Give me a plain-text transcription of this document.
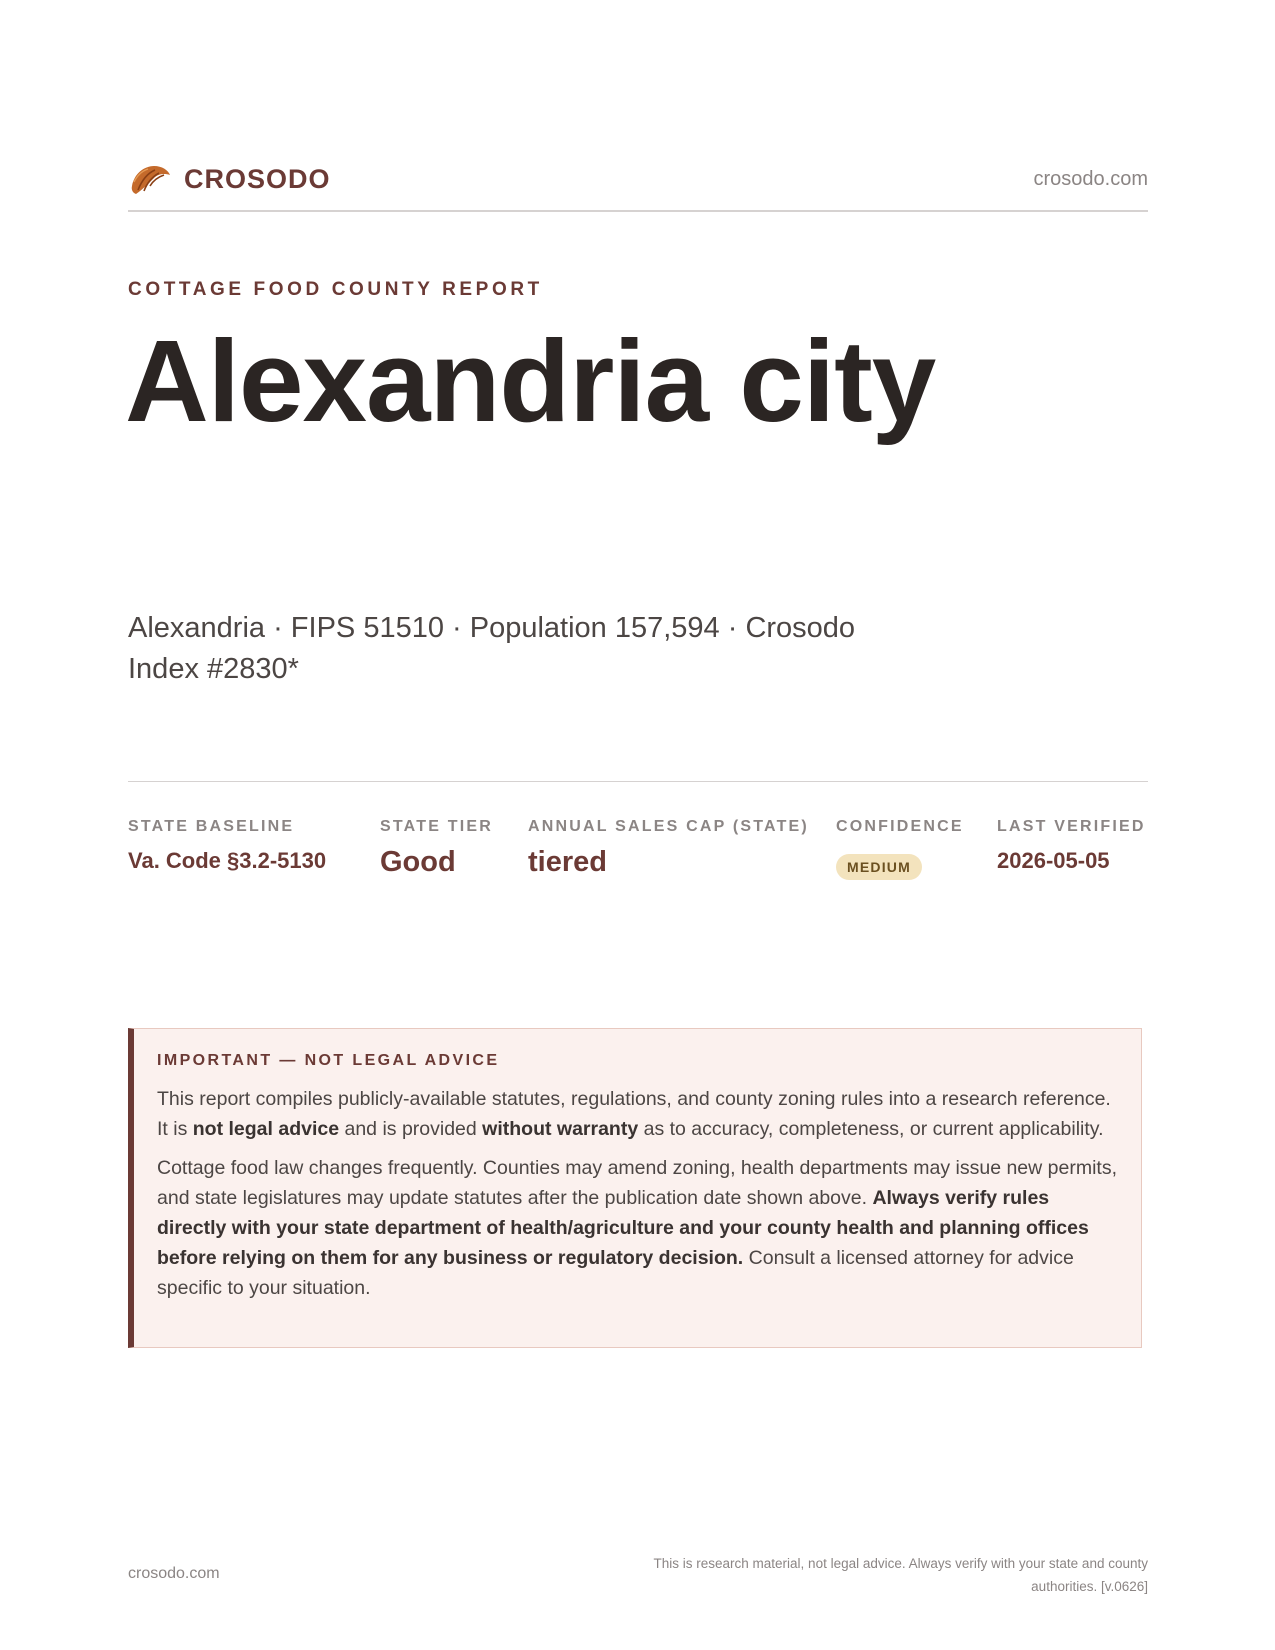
CROSODO	crosodo.com
COTTAGE FOOD COUNTY REPORT
Alexandria city
Alexandria · FIPS 51510 · Population 157,594 · Crosodo Index #2830*
STATE BASELINE
Va. Code §3.2-5130
STATE TIER
Good
ANNUAL SALES CAP (STATE)
tiered
CONFIDENCE
MEDIUM
LAST VERIFIED
2026-05-05
IMPORTANT — NOT LEGAL ADVICE

This report compiles publicly-available statutes, regulations, and county zoning rules into a research reference. It is not legal advice and is provided without warranty as to accuracy, completeness, or current applicability.

Cottage food law changes frequently. Counties may amend zoning, health departments may issue new permits, and state legislatures may update statutes after the publication date shown above. Always verify rules directly with your state department of health/agriculture and your county health and planning offices before relying on them for any business or regulatory decision. Consult a licensed attorney for advice specific to your situation.

crosodo.com
This is research material, not legal advice. Always verify with your state and county authorities. [v.0626]
